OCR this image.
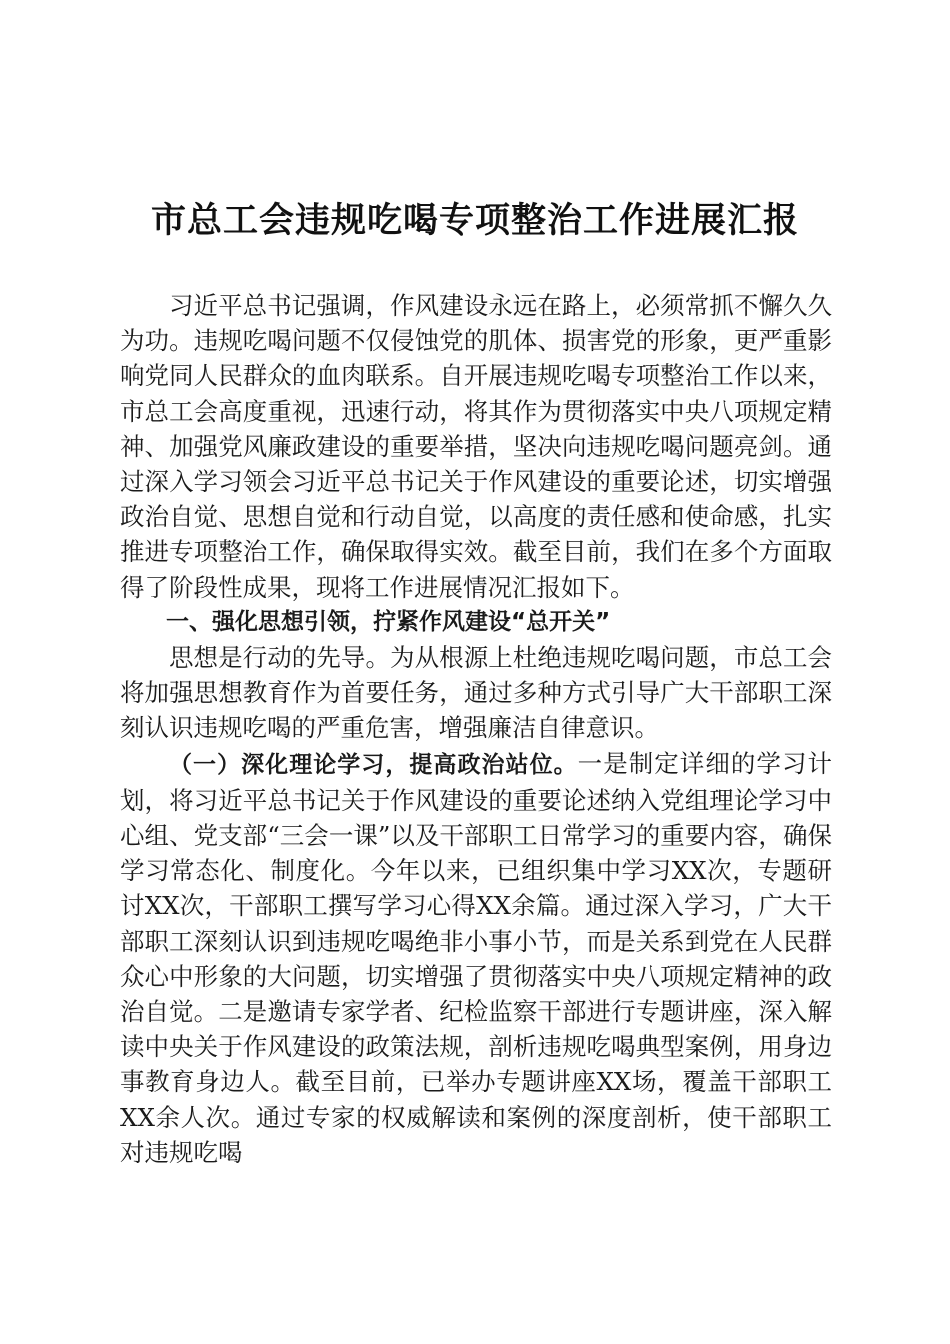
市总工会违规吃喝专项整治工作进展汇报

习近平总书记强调，作风建设永远在路上，必须常抓不懈久久为功。违规吃喝问题不仅侵蚀党的肌体、损害党的形象，更严重影响党同人民群众的血肉联系。自开展违规吃喝专项整治工作以来，市总工会高度重视，迅速行动，将其作为贯彻落实中央八项规定精神、加强党风廉政建设的重要举措，坚决向违规吃喝问题亮剑。通过深入学习领会习近平总书记关于作风建设的重要论述，切实增强政治自觉、思想自觉和行动自觉，以高度的责任感和使命感，扎实推进专项整治工作，确保取得实效。截至目前，我们在多个方面取得了阶段性成果，现将工作进展情况汇报如下。

一、强化思想引领，拧紧作风建设“总开关”

思想是行动的先导。为从根源上杜绝违规吃喝问题，市总工会将加强思想教育作为首要任务，通过多种方式引导广大干部职工深刻认识违规吃喝的严重危害，增强廉洁自律意识。

（一）深化理论学习，提高政治站位。一是制定详细的学习计划，将习近平总书记关于作风建设的重要论述纳入党组理论学习中心组、党支部“三会一课”以及干部职工日常学习的重要内容，确保学习常态化、制度化。今年以来，已组织集中学习XX次，专题研讨XX次，干部职工撰写学习心得XX余篇。通过深入学习，广大干部职工深刻认识到违规吃喝绝非小事小节，而是关系到党在人民群众心中形象的大问题，切实增强了贯彻落实中央八项规定精神的政治自觉。二是邀请专家学者、纪检监察干部进行专题讲座，深入解读中央关于作风建设的政策法规，剖析违规吃喝典型案例，用身边事教育身边人。截至目前，已举办专题讲座XX场，覆盖干部职工XX余人次。通过专家的权威解读和案例的深度剖析，使干部职工对违规吃喝
